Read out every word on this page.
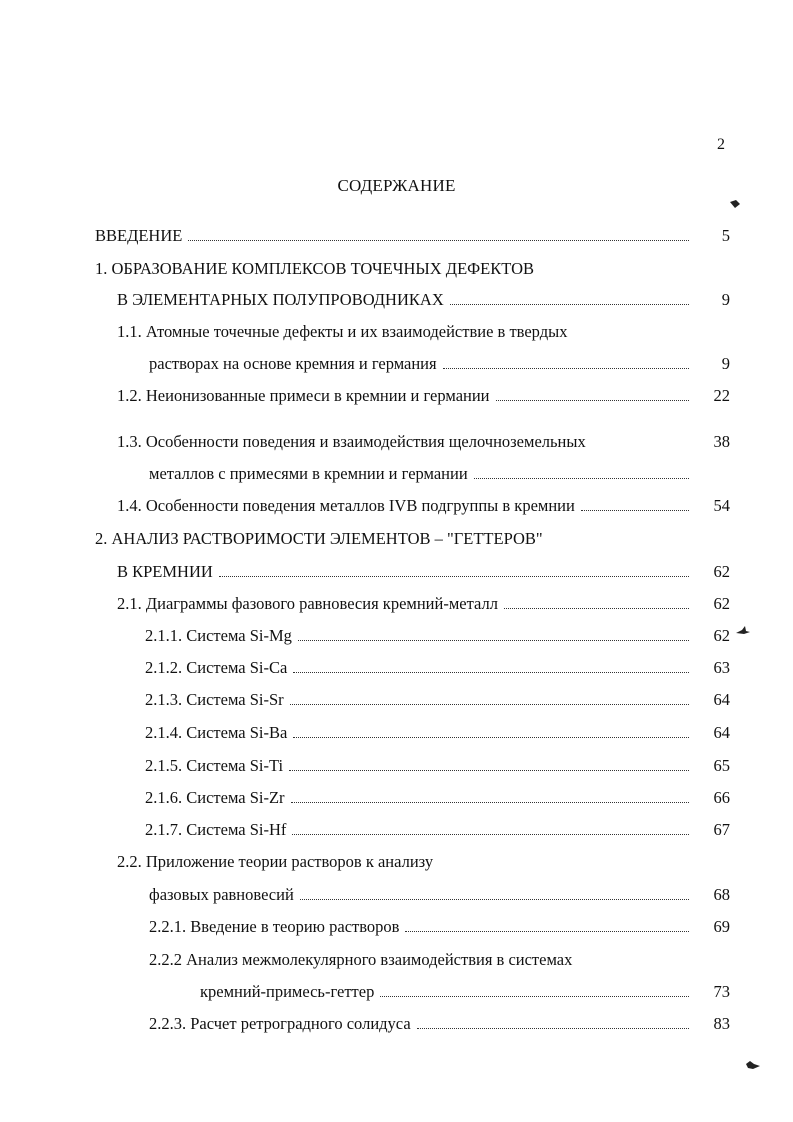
2
СОДЕРЖАНИЕ
ВВЕДЕНИЕ	5
1. ОБРАЗОВАНИЕ КОМПЛЕКСОВ ТОЧЕЧНЫХ ДЕФЕКТОВ
В ЭЛЕМЕНТАРНЫХ ПОЛУПРОВОДНИКАХ	9
1.1. Атомные точечные дефекты и их взаимодействие в твердых
растворах на основе кремния и германия	9
1.2. Неионизованные примеси в кремнии и германии	22
1.3. Особенности поведения и взаимодействия щелочноземельных	38
металлов с примесями в кремнии и германии
1.4. Особенности поведения металлов IVB подгруппы в кремнии	54
2. АНАЛИЗ РАСТВОРИМОСТИ ЭЛЕМЕНТОВ – "ГЕТТЕРОВ"
В КРЕМНИИ	62
2.1. Диаграммы фазового равновесия кремний-металл	62
2.1.1. Система Si-Mg	62
2.1.2. Система Si-Ca	63
2.1.3. Система Si-Sr	64
2.1.4. Система Si-Ba	64
2.1.5. Система Si-Ti	65
2.1.6. Система Si-Zr	66
2.1.7. Система Si-Hf	67
2.2. Приложение теории растворов к анализу
фазовых равновесий	68
2.2.1. Введение в теорию растворов	69
2.2.2 Анализ межмолекулярного взаимодействия в системах
кремний-примесь-геттер	73
2.2.3. Расчет ретроградного солидуса	83
